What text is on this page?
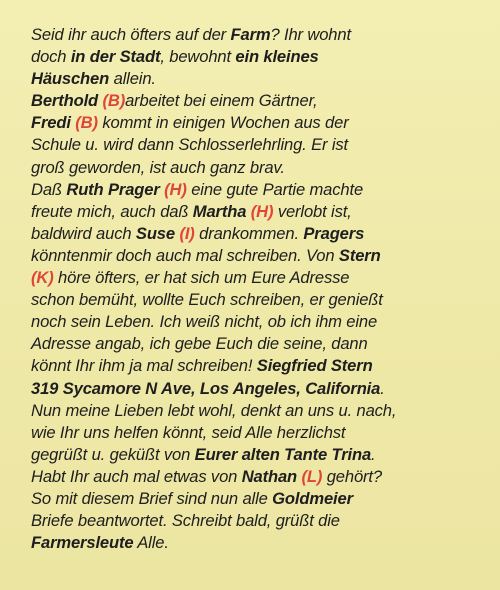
Seid ihr auch öfters auf der Farm? Ihr wohnt
doch in der Stadt, bewohnt ein kleines
Häuschen allein.
Berthold (B)arbeitet bei einem Gärtner,
Fredi (B) kommt in einigen Wochen aus der
Schule u. wird dann Schlosserlehrling. Er ist
groß geworden, ist auch ganz brav.
Daß Ruth Prager (H) eine gute Partie machte
freute mich, auch daß Martha (H) verlobt ist,
baldwird auch Suse (I) drankommen. Pragers
könntenmir doch auch mal schreiben. Von Stern
(K) höre öfters, er hat sich um Eure Adresse
schon bemüht, wollte Euch schreiben, er genießt
noch sein Leben. Ich weiß nicht, ob ich ihm eine
Adresse angab, ich gebe Euch die seine, dann
könnt Ihr ihm ja mal schreiben! Siegfried Stern
319 Sycamore N Ave, Los Angeles, California.
Nun meine Lieben lebt wohl, denkt an uns u. nach,
wie Ihr uns helfen könnt, seid Alle herzlichst
gegrüßt u. geküßt von Eurer alten Tante Trina.
Habt Ihr auch mal etwas von Nathan (L) gehört?
So mit diesem Brief sind nun alle Goldmeier
Briefe beantwortet. Schreibt bald, grüßt die
Farmersleute Alle.
